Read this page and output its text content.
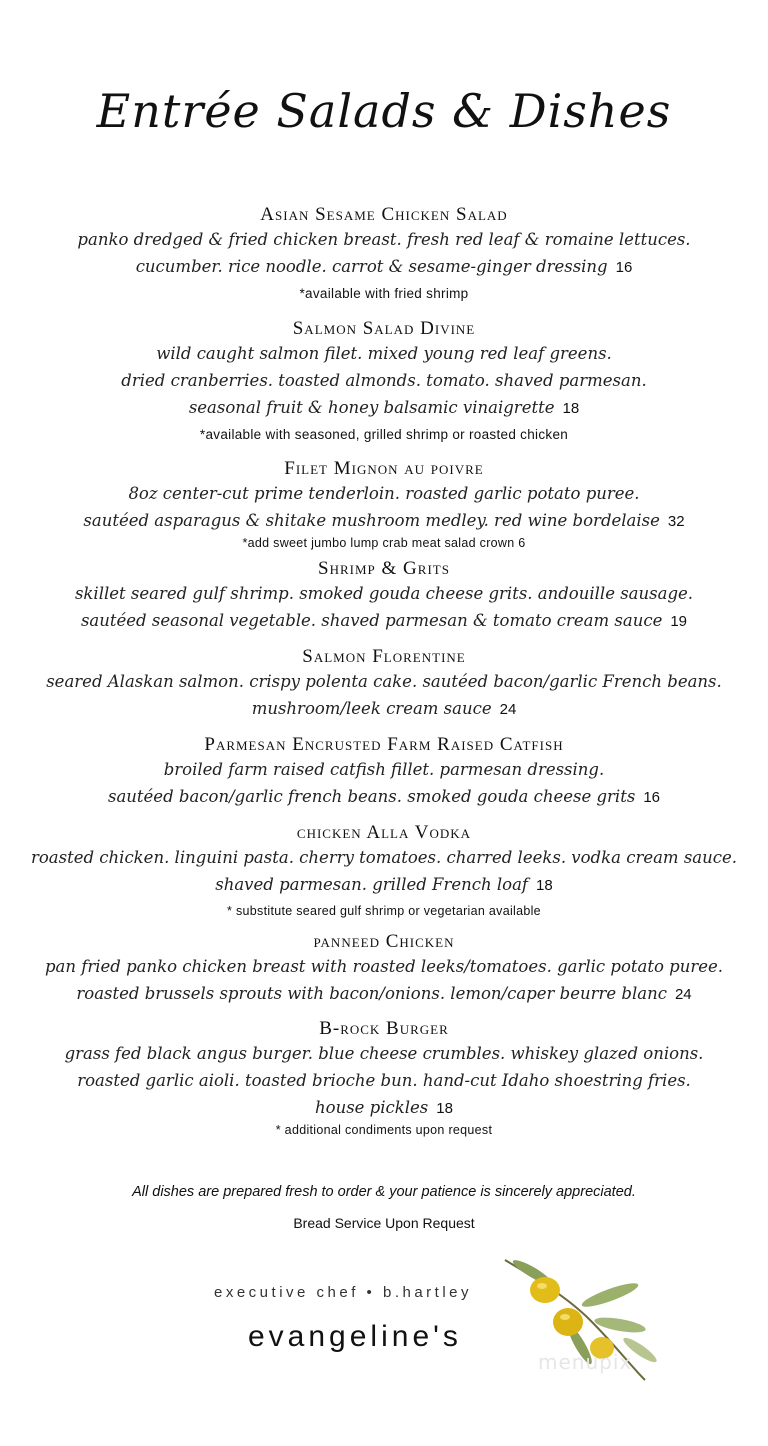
Entrée Salads & Dishes
Asian Sesame Chicken Salad
panko dredged & fried chicken breast. fresh red leaf & romaine lettuces.
cucumber. rice noodle. carrot & sesame-ginger dressing 16
*available with fried shrimp
Salmon Salad Divine
wild caught salmon filet. mixed young red leaf greens.
dried cranberries. toasted almonds. tomato. shaved parmesan.
seasonal fruit & honey balsamic vinaigrette 18
*available with seasoned, grilled shrimp or roasted chicken
Filet Mignon au poivre
8oz center-cut prime tenderloin. roasted garlic potato puree.
sautéed asparagus & shitake mushroom medley. red wine bordelaise 32
*add sweet jumbo lump crab meat salad crown 6
Shrimp & Grits
skillet seared gulf shrimp. smoked gouda cheese grits. andouille sausage.
sautéed seasonal vegetable. shaved parmesan & tomato cream sauce 19
Salmon Florentine
seared Alaskan salmon. crispy polenta cake. sautéed bacon/garlic French beans.
mushroom/leek cream sauce 24
Parmesan Encrusted Farm Raised Catfish
broiled farm raised catfish fillet. parmesan dressing.
sautéed bacon/garlic french beans. smoked gouda cheese grits 16
chicken Alla Vodka
roasted chicken. linguini pasta. cherry tomatoes. charred leeks. vodka cream sauce.
shaved parmesan. grilled French loaf 18
* substitute seared gulf shrimp or vegetarian available
panneed Chicken
pan fried panko chicken breast with roasted leeks/tomatoes. garlic potato puree.
roasted brussels sprouts with bacon/onions. lemon/caper beurre blanc 24
B-rock Burger
grass fed black angus burger. blue cheese crumbles. whiskey glazed onions.
roasted garlic aioli. toasted brioche bun. hand-cut Idaho shoestring fries.
house pickles 18
* additional condiments upon request
All dishes are prepared fresh to order & your patience is sincerely appreciated.
Bread Service Upon Request
executive chef • b.hartley
evangeline's
menupix
